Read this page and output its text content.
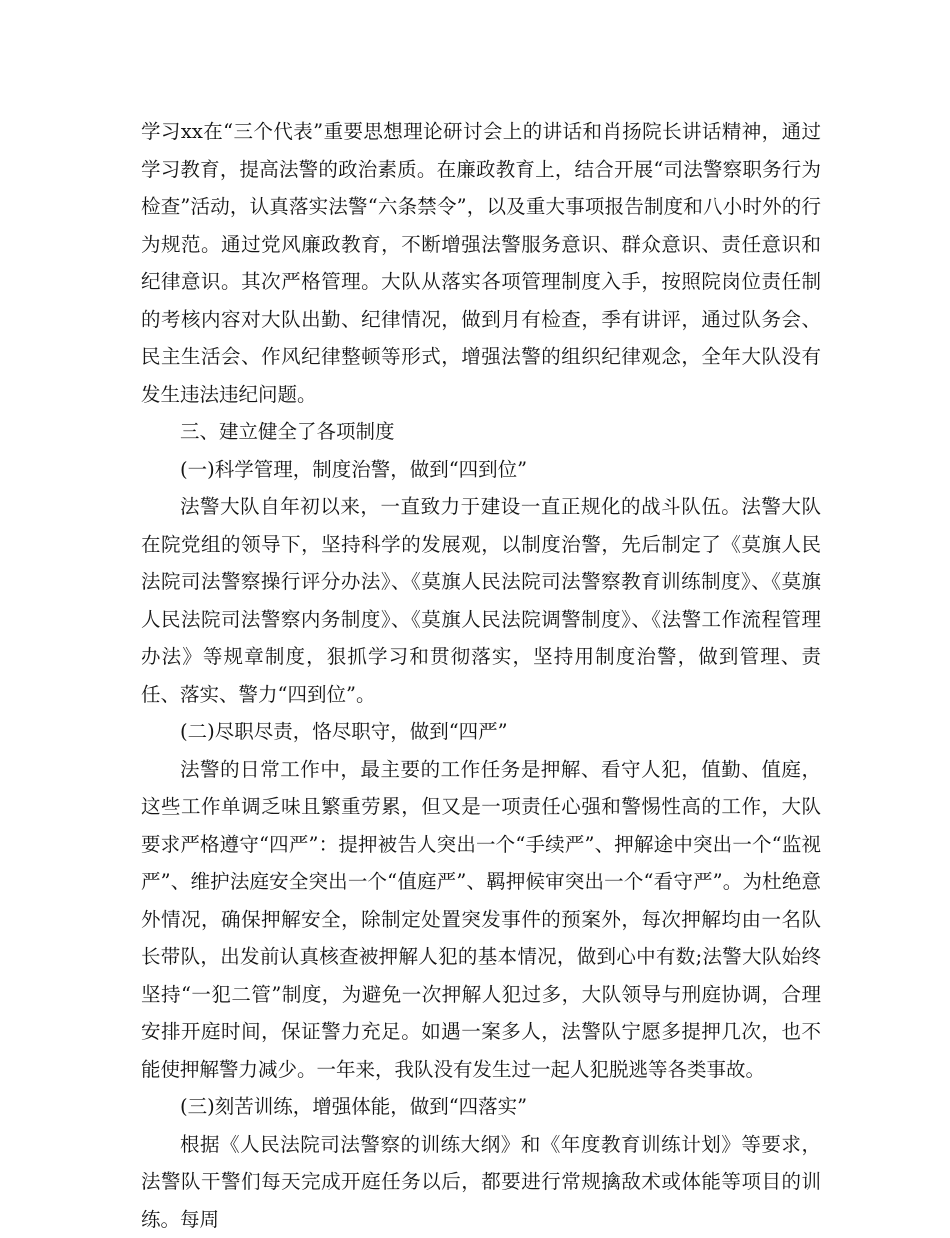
学习xx在“三个代表”重要思想理论研讨会上的讲话和肖扬院长讲话精神，通过学习教育，提高法警的政治素质。在廉政教育上，结合开展“司法警察职务行为检查”活动，认真落实法警“六条禁令”，以及重大事项报告制度和八小时外的行为规范。通过党风廉政教育，不断增强法警服务意识、群众意识、责任意识和纪律意识。其次严格管理。大队从落实各项管理制度入手，按照院岗位责任制的考核内容对大队出勤、纪律情况，做到月有检查，季有讲评，通过队务会、民主生活会、作风纪律整顿等形式，增强法警的组织纪律观念，全年大队没有发生违法违纪问题。

三、建立健全了各项制度

(一)科学管理，制度治警，做到“四到位”

法警大队自年初以来，一直致力于建设一直正规化的战斗队伍。法警大队在院党组的领导下，坚持科学的发展观，以制度治警，先后制定了《莫旗人民法院司法警察操行评分办法》、《莫旗人民法院司法警察教育训练制度》、《莫旗人民法院司法警察内务制度》、《莫旗人民法院调警制度》、《法警工作流程管理办法》等规章制度，狠抓学习和贯彻落实，坚持用制度治警，做到管理、责任、落实、警力“四到位”。

(二)尽职尽责，恪尽职守，做到“四严”

法警的日常工作中，最主要的工作任务是押解、看守人犯，值勤、值庭，这些工作单调乏味且繁重劳累，但又是一项责任心强和警惕性高的工作，大队要求严格遵守“四严”：提押被告人突出一个“手续严”、押解途中突出一个“监视严”、维护法庭安全突出一个“值庭严”、羁押候审突出一个“看守严”。为杜绝意外情况，确保押解安全，除制定处置突发事件的预案外，每次押解均由一名队长带队，出发前认真核查被押解人犯的基本情况，做到心中有数;法警大队始终坚持“一犯二管”制度，为避免一次押解人犯过多，大队领导与刑庭协调，合理安排开庭时间，保证警力充足。如遇一案多人，法警队宁愿多提押几次，也不能使押解警力减少。一年来，我队没有发生过一起人犯脱逃等各类事故。

(三)刻苦训练，增强体能，做到“四落实”

根据《人民法院司法警察的训练大纲》和《年度教育训练计划》等要求，法警队干警们每天完成开庭任务以后，都要进行常规擒敌术或体能等项目的训练。每周
